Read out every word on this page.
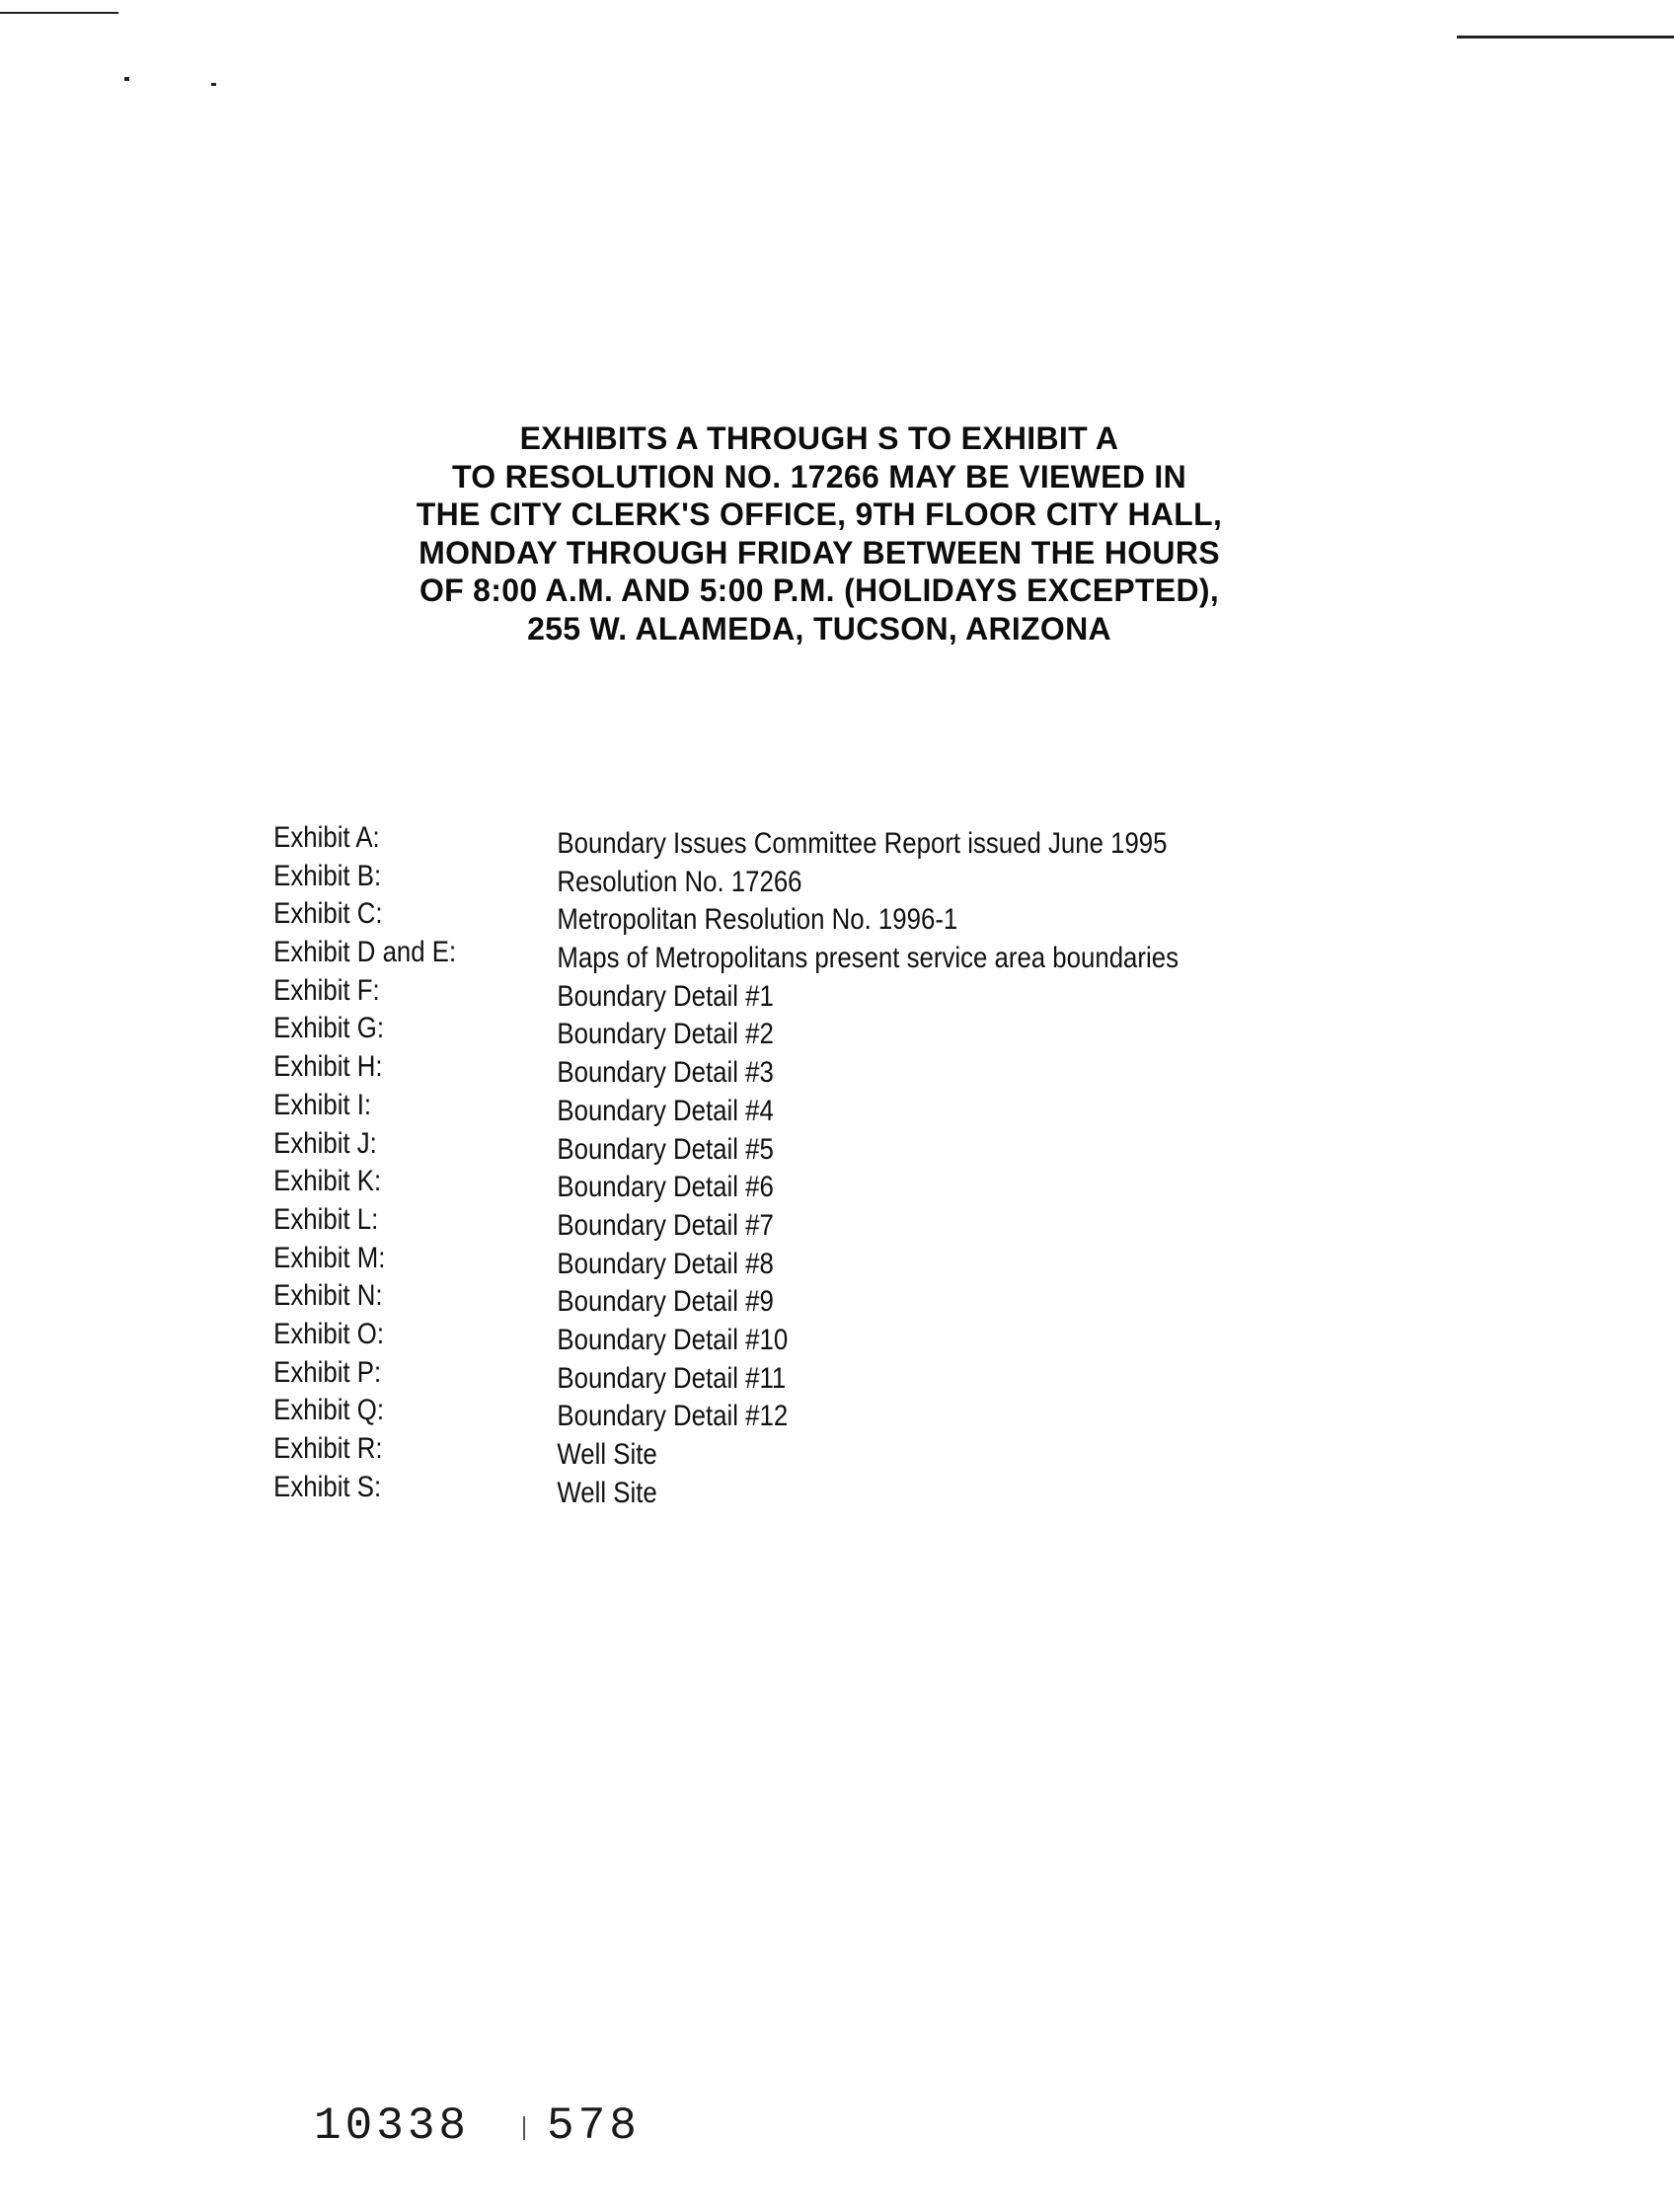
EXHIBITS A THROUGH S TO EXHIBIT A
TO RESOLUTION NO. 17266 MAY BE VIEWED IN
THE CITY CLERK'S OFFICE, 9TH FLOOR CITY HALL,
MONDAY THROUGH FRIDAY BETWEEN THE HOURS
OF 8:00 A.M. AND 5:00 P.M. (HOLIDAYS EXCEPTED),
255 W. ALAMEDA, TUCSON, ARIZONA
Exhibit A:	Boundary Issues Committee Report issued June 1995
Exhibit B:	Resolution No. 17266
Exhibit C:	Metropolitan Resolution No. 1996-1
Exhibit D and E:	Maps of Metropolitans present service area boundaries
Exhibit F:	Boundary Detail #1
Exhibit G:	Boundary Detail #2
Exhibit H:	Boundary Detail #3
Exhibit I:	Boundary Detail #4
Exhibit J:	Boundary Detail #5
Exhibit K:	Boundary Detail #6
Exhibit L:	Boundary Detail #7
Exhibit M:	Boundary Detail #8
Exhibit N:	Boundary Detail #9
Exhibit O:	Boundary Detail #10
Exhibit P:	Boundary Detail #11
Exhibit Q:	Boundary Detail #12
Exhibit R:	Well Site
Exhibit S:	Well Site
10338 578
